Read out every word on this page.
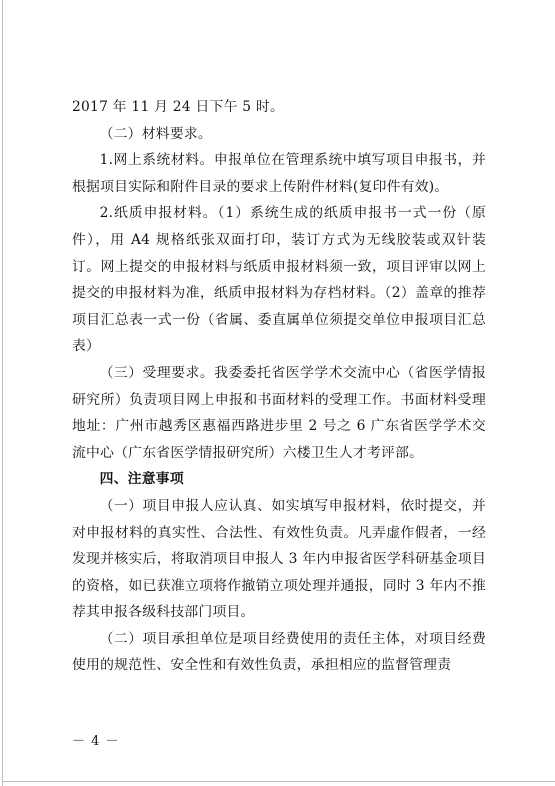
2017 年 11 月 24 日下午 5 时。

（二）材料要求。

1.网上系统材料。申报单位在管理系统中填写项目申报书，并根据项目实际和附件目录的要求上传附件材料(复印件有效)。

2.纸质申报材料。（1）系统生成的纸质申报书一式一份（原件），用 A4 规格纸张双面打印，装订方式为无线胶装或双针装订。网上提交的申报材料与纸质申报材料须一致，项目评审以网上提交的申报材料为准，纸质申报材料为存档材料。（2）盖章的推荐项目汇总表一式一份（省属、委直属单位须提交单位申报项目汇总表）

（三）受理要求。我委委托省医学学术交流中心（省医学情报研究所）负责项目网上申报和书面材料的受理工作。书面材料受理地址：广州市越秀区惠福西路进步里 2 号之 6 广东省医学学术交流中心（广东省医学情报研究所）六楼卫生人才考评部。

四、注意事项

（一）项目申报人应认真、如实填写申报材料，依时提交，并对申报材料的真实性、合法性、有效性负责。凡弄虚作假者，一经发现并核实后，将取消项目申报人 3 年内申报省医学科研基金项目的资格，如已获准立项将作撤销立项处理并通报，同时 3 年内不推荐其申报各级科技部门项目。

（二）项目承担单位是项目经费使用的责任主体，对项目经费使用的规范性、安全性和有效性负责，承担相应的监督管理责

－ 4 －
